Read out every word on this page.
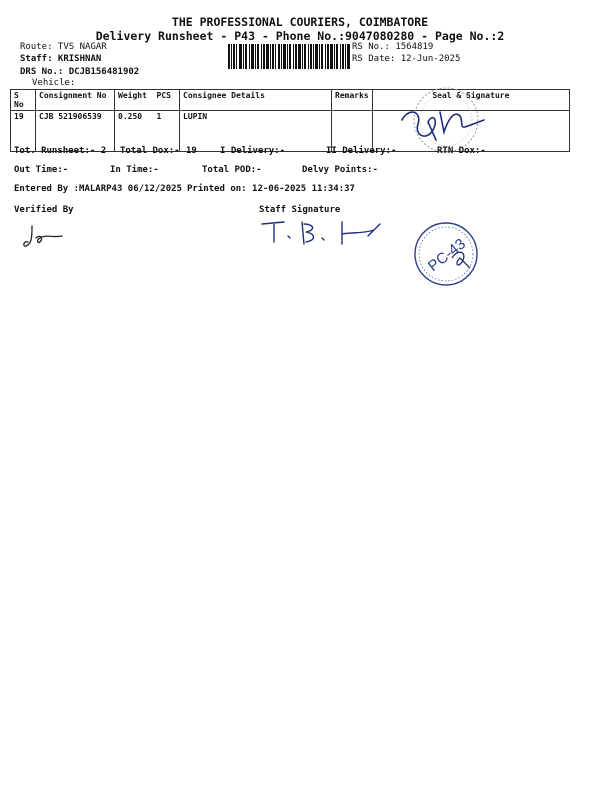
THE PROFESSIONAL COURIERS, COIMBATORE
Delivery Runsheet - P43 - Phone No.:9047080280 - Page No.:2
Route: TVS NAGAR
Staff: KRISHNAN
DRS No.: DCJB156481902
Vehicle:
RS No.: 1564819
RS Date: 12-Jun-2025
S No	Consignment No	Weight PCS	Consignee Details	Remarks	Seal & Signature
19	CJB 521906539	0.250 1	LUPIN		
Tot. Runsheet:- 2 Total Dox:- 19	I Delivery:-	II Delivery:-	RTN Dox:-
Out Time:-	In Time:-	Total POD:-	Delvy Points:-
Entered By :MALARP43 06/12/2025 Printed on: 12-06-2025 11:34:37
Verified By	Staff Signature
PC-43
